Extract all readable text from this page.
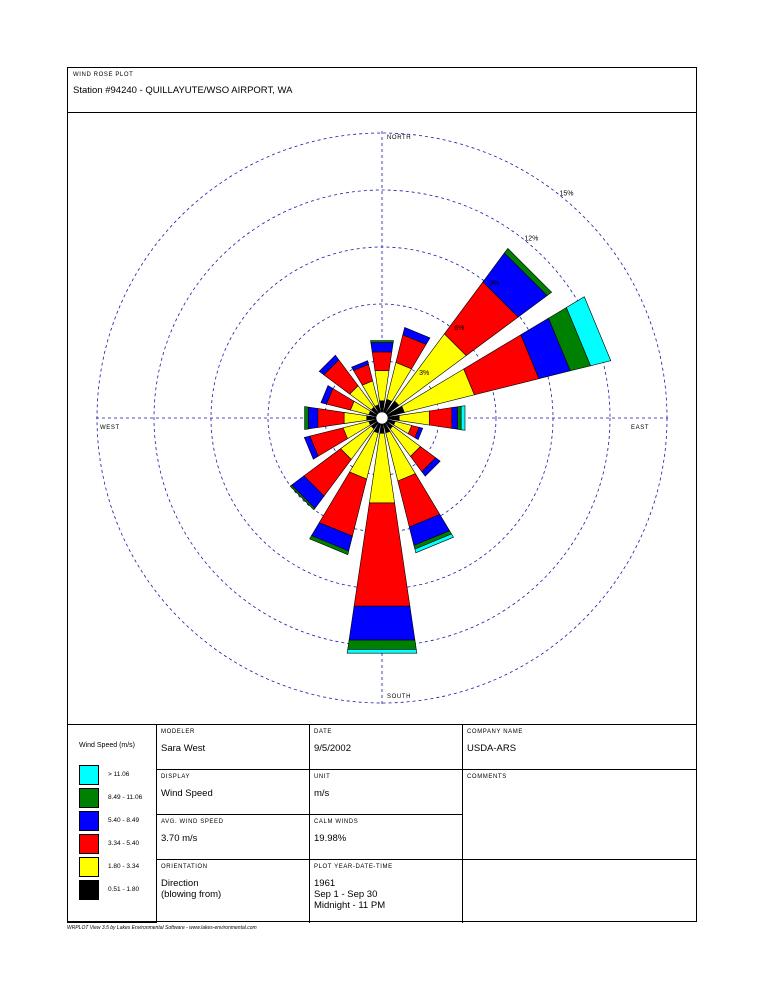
WIND ROSE PLOT
Station #94240 - QUILLAYUTE/WSO AIRPORT, WA
3%
6%
9%
12%
15%
NORTH
SOUTH
EAST
WEST
Wind Speed (m/s)
> 11.06
8.49 - 11.06
5.40 - 8.49
3.34 - 5.40
1.80 - 3.34
0.51 - 1.80
MODELER
Sara West
DATE
9/5/2002
COMPANY NAME
USDA-ARS
DISPLAY
Wind Speed
UNIT
m/s
COMMENTS
AVG. WIND SPEED
3.70 m/s
CALM WINDS
19.98%
ORIENTATION
Direction
(blowing from)
PLOT YEAR-DATE-TIME
1961
Sep 1 - Sep 30
Midnight - 11 PM
WRPLOT View 3.5 by Lakes Environmental Software - www.lakes-environmental.com
